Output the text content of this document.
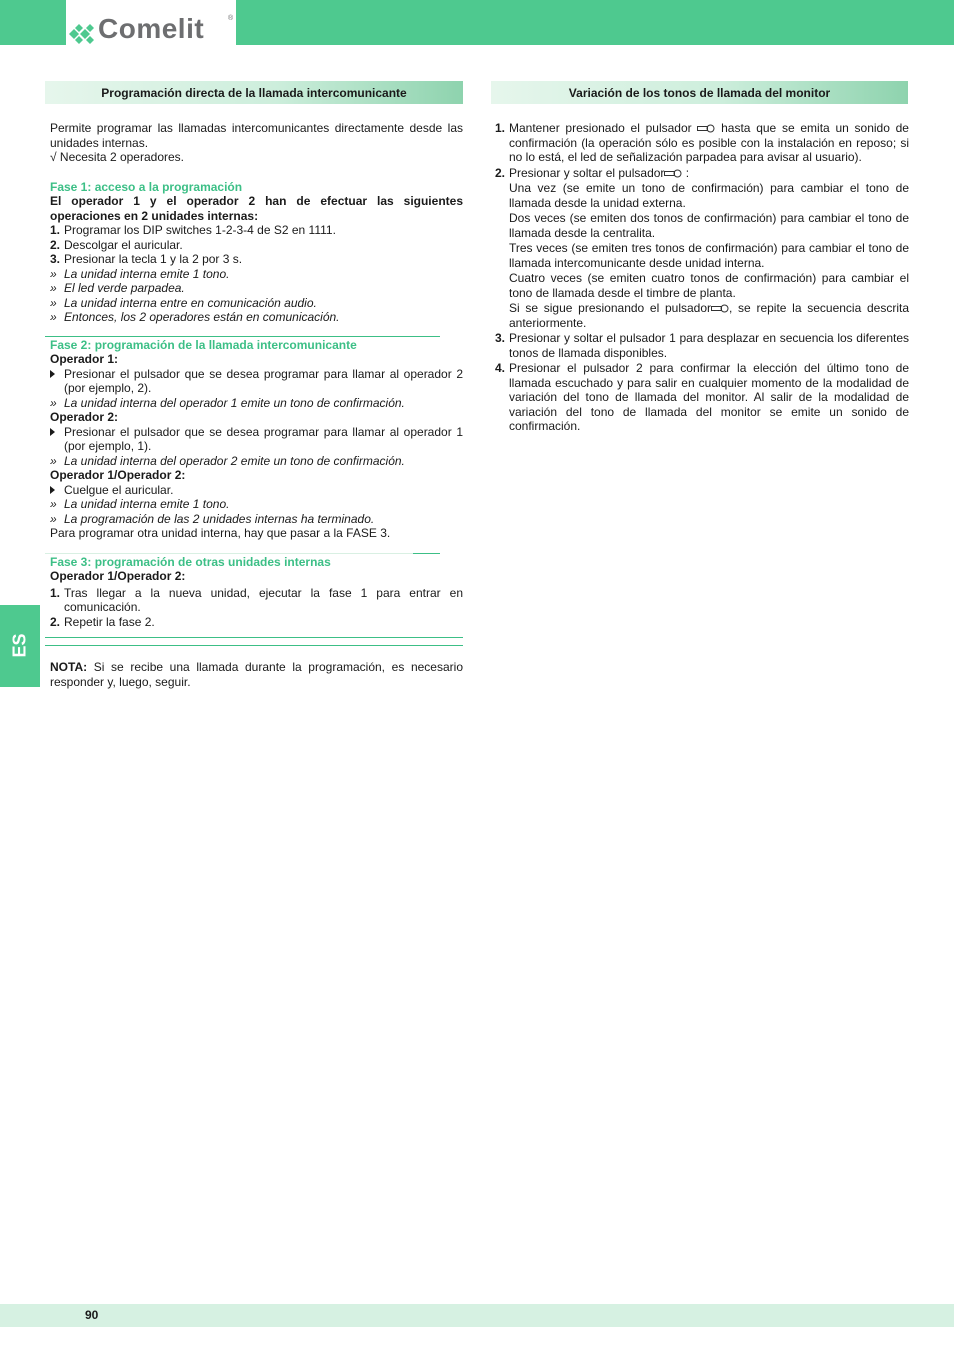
Comelit	®
ES
Programación directa de la llamada intercomunicante

Permite programar las llamadas intercomunicantes directamente desde las unidades internas.

√ Necesita 2 operadores.

Fase 1: acceso a la programación

El operador 1 y el operador 2 han de efectuar las siguientes operaciones en 2 unidades internas:

1. Programar los DIP switches 1-2-3-4 de S2 en 1111.

2. Descolgar el auricular.

3. Presionar la tecla 1 y la 2 por 3 s.

» La unidad interna emite 1 tono.

» El led verde parpadea.

» La unidad interna entre en comunicación audio.

» Entonces, los 2 operadores están en comunicación.

Fase 2: programación de la llamada intercomunicante

Operador 1:

Presionar el pulsador que se desea programar para llamar al operador 2 (por ejemplo, 2).

» La unidad interna del operador 1 emite un tono de confirmación.

Operador 2:

Presionar el pulsador que se desea programar para llamar al operador 1 (por ejemplo, 1).

» La unidad interna del operador 2 emite un tono de confirmación.

Operador 1/Operador 2:

Cuelgue el auricular.

» La unidad interna emite 1 tono.

» La programación de las 2 unidades internas ha terminado.

Para programar otra unidad interna, hay que pasar a la FASE 3.

Fase 3: programación de otras unidades internas

Operador 1/Operador 2:

1. Tras llegar a la nueva unidad, ejecutar la fase 1 para entrar en comunicación.

2. Repetir la fase 2.

NOTA: Si se recibe una llamada durante la programación, es necesario responder y, luego, seguir.

Variación de los tonos de llamada del monitor

1. Mantener presionado el pulsador hasta que se emita un sonido de confirmación (la operación sólo es posible con la instalación en reposo; si no lo está, el led de señalización parpadea para avisar al usuario).

2. Presionar y soltar el pulsador :

Una vez (se emite un tono de confirmación) para cambiar el tono de llamada desde la unidad externa.

Dos veces (se emiten dos tonos de confirmación) para cambiar el tono de llamada desde la centralita.

Tres veces (se emiten tres tonos de confirmación) para cambiar el tono de llamada intercomunicante desde unidad interna.

Cuatro veces (se emiten cuatro tonos de confirmación) para cambiar el tono de llamada desde el timbre de planta.

Si se sigue presionando el pulsador , se repite la secuencia descrita anteriormente.

3. Presionar y soltar el pulsador 1 para desplazar en secuencia los diferentes tonos de llamada disponibles.

4. Presionar el pulsador 2 para confirmar la elección del último tono de llamada escuchado y para salir en cualquier momento de la modalidad de variación del tono de llamada del monitor. Al salir de la modalidad de variación del tono de llamada del monitor se emite un sonido de confirmación.

90
